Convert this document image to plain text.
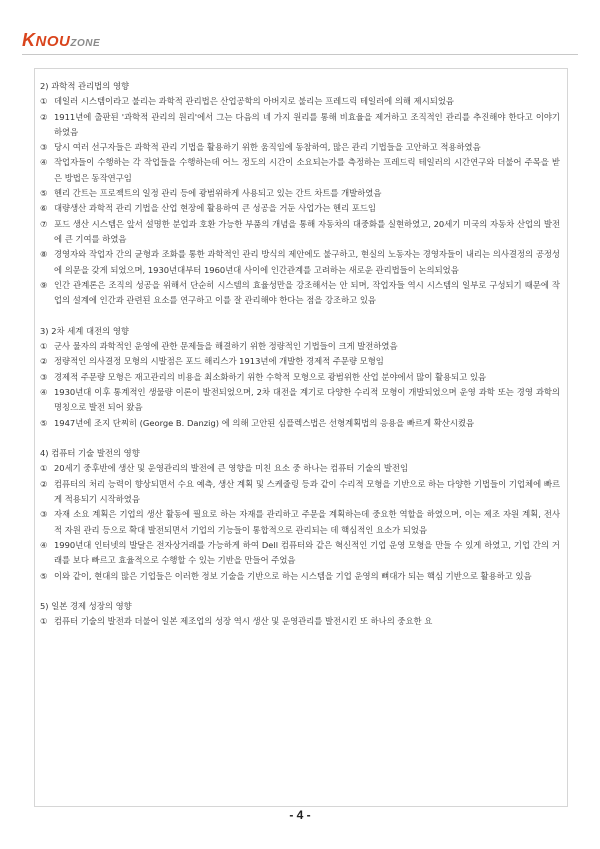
KNOUZONE
2) 과학적 관리법의 영향
① 데일러 시스템이라고 불리는 과학적 관리법은 산업공학의 아버지로 불리는 프레드릭 테일러에 의해 제시되었음
② 1911년에 출판된 '과학적 관리의 원리'에서 그는 다음의 네 가지 원리를 통해 비효율을 제거하고 조직적인 관리를 추진해야 한다고 이야기하였음
③ 당시 여러 선구자들은 과학적 관리 기법을 활용하기 위한 움직임에 동참하여, 많은 관리 기법들을 고안하고 적용하였음
④ 작업자들이 수행하는 각 작업들을 수행하는데 어느 정도의 시간이 소요되는가를 측정하는 프레드릭 테일러의 시간연구와 더불어 주목을 받은 방법은 동작연구임
⑤ 헨리 간트는 프로젝트의 일정 관리 등에 광범위하게 사용되고 있는 간트 차트를 개발하였음
⑥ 대량생산 과학적 관리 기법을 산업 현장에 활용하여 큰 성공을 거둔 사업가는 헨리 포드임
⑦ 포드 생산 시스템은 앞서 설명한 분업과 호환 가능한 부품의 개념을 통해 자동차의 대중화를 실현하였고, 20세기 미국의 자동차 산업의 발전에 큰 기여를 하였음
⑧ 경영자와 작업자 간의 균형과 조화를 통한 과학적인 관리 방식의 제안에도 불구하고, 현실의 노동자는 경영자들이 내리는 의사결정의 공정성에 의문을 갖게 되었으며, 1930년대부터 1960년대 사이에 인간관계를 고려하는 새로운 관리법들이 논의되었음
⑨ 인간 관계론은 조직의 성공을 위해서 단순히 시스템의 효율성만을 강조해서는 안 되며, 작업자들 역시 시스템의 일부로 구성되기 때문에 작업의 설계에 인간과 관련된 요소를 연구하고 이를 잘 관리해야 한다는 점을 강조하고 있음
3) 2차 세계 대전의 영향
① 군사 물자의 과학적인 운영에 관한 문제들을 해결하기 위한 정량적인 기법들이 크게 발전하였음
② 정량적인 의사결정 모형의 시발점은 포드 해리스가 1913년에 개발한 경제적 주문량 모형임
③ 경제적 주문량 모형은 재고관리의 비용을 최소화하기 위한 수학적 모형으로 광범위한 산업 분야에서 많이 활용되고 있음
④ 1930년대 이후 통계적인 생물량 이론이 발전되었으며, 2차 대전을 계기로 다양한 수리적 모형이 개발되었으며 운영 과학 또는 경영 과학의 명칭으로 발전 되어 왔음
⑤ 1947년에 조지 단찌히 (George B. Danzig) 에 의해 고안된 심플렉스법은 선형계획법의 응용을 빠르게 확산시켰음
4) 컴퓨터 기술 발전의 영향
① 20세기 중후반에 생산 및 운영관리의 발전에 큰 영향을 미친 요소 중 하나는 컴퓨터 기술의 발전임
② 컴퓨터의 처리 능력이 향상되면서 수요 예측, 생산 계획 및 스케줄링 등과 같이 수리적 모형을 기반으로 하는 다양한 기법들이 기업체에 빠르게 적용되기 시작하였음
③ 자재 소요 계획은 기업의 생산 활동에 필요로 하는 자재를 관리하고 주문을 계획하는데 중요한 역할을 하였으며, 이는 제조 자원 계획, 전사적 자원 관리 등으로 확대 발전되면서 기업의 기능들이 통합적으로 관리되는 데 핵심적인 요소가 되었음
④ 1990년대 인터넷의 발달은 전자상거래를 가능하게 하여 Dell 컴퓨터와 같은 혁신적인 기업 운영 모형을 만들 수 있게 하였고, 기업 간의 거래를 보다 빠르고 효율적으로 수행할 수 있는 기반을 만들어 주었음
⑤ 이와 같이, 현대의 많은 기업들은 이러한 정보 기술을 기반으로 하는 시스템을 기업 운영의 뼈대가 되는 핵심 기반으로 활용하고 있음
5) 일본 경제 성장의 영향
① 컴퓨터 기술의 발전과 더불어 일본 제조업의 성장 역시 생산 및 운영관리를 발전시킨 또 하나의 중요한 요
- 4 -
